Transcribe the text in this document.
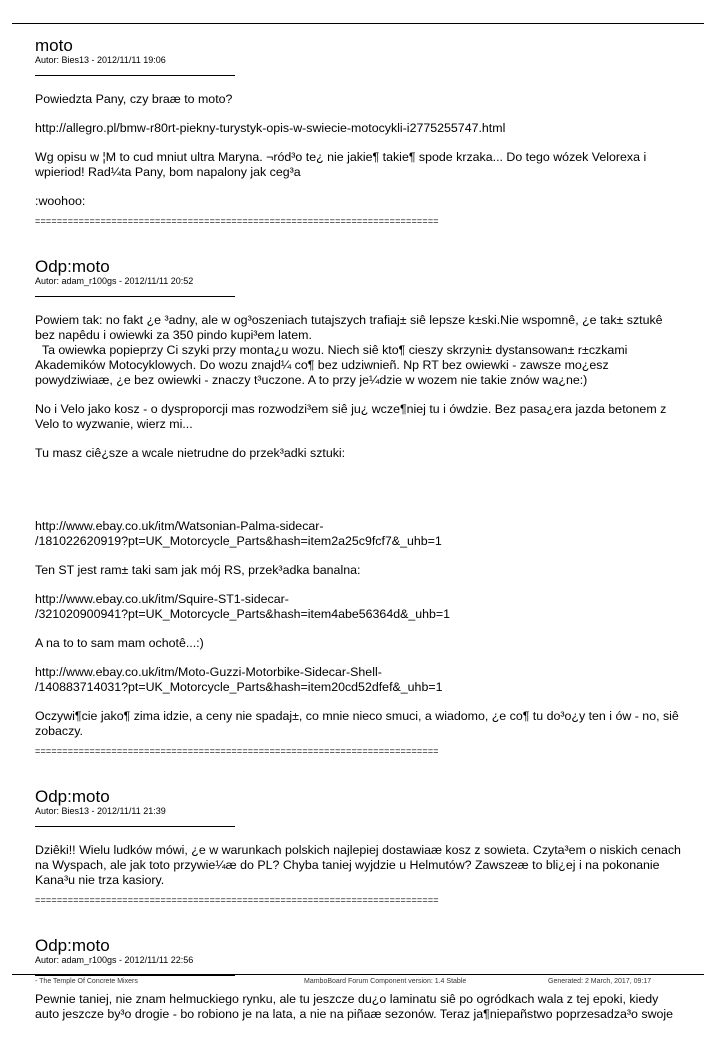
moto
Autor: Bies13 - 2012/11/11 19:06

Powiedzta Pany, czy braæ to moto?

http://allegro.pl/bmw-r80rt-piekny-turystyk-opis-w-swiecie-motocykli-i2775255747.html

Wg opisu w ¦M to cud mniut ultra Maryna. ¬ród³o te¿ nie jakie¶ takie¶ spode krzaka... Do tego wózek Velorexa i wpieriod! Rad¼ta Pany, bom napalony jak ceg³a

:woohoo:

==========================================================================
Odp:moto
Autor: adam_r100gs - 2012/11/11 20:52

Powiem tak: no fakt ¿e ³adny, ale w og³oszeniach tutajszych trafiaj± siê lepsze k±ski.Nie wspomnê, ¿e tak± sztukê bez napêdu i owiewki za 350 pindo kupi³em latem.
Ta owiewka popieprzy Ci szyki przy monta¿u wozu. Niech siê kto¶ cieszy skrzyni± dystansowan± r±czkami Akademików Motocyklowych. Do wozu znajd¼ co¶ bez udziwnieñ. Np RT bez owiewki - zawsze mo¿esz powydziwiaæ, ¿e bez owiewki - znaczy t³uczone. A to przy je¼dzie w wozem nie takie znów wa¿ne:)

No i Velo jako kosz - o dysproporcji mas rozwodzi³em siê ju¿ wcze¶niej tu i ówdzie. Bez pasa¿era jazda betonem z Velo to wyzwanie, wierz mi...

Tu masz ciê¿sze a wcale nietrudne do przek³adki sztuki:

http://www.ebay.co.uk/itm/Watsonian-Palma-sidecar-
/181022620919?pt=UK_Motorcycle_Parts&hash=item2a25c9fcf7&_uhb=1

Ten ST jest ram± taki sam jak mój RS, przek³adka banalna:

http://www.ebay.co.uk/itm/Squire-ST1-sidecar-
/321020900941?pt=UK_Motorcycle_Parts&hash=item4abe56364d&_uhb=1

A na to to sam mam ochotê...:)

http://www.ebay.co.uk/itm/Moto-Guzzi-Motorbike-Sidecar-Shell-
/140883714031?pt=UK_Motorcycle_Parts&hash=item20cd52dfef&_uhb=1

Oczywi¶cie jako¶ zima idzie, a ceny nie spadaj±, co mnie nieco smuci, a wiadomo, ¿e co¶ tu do³o¿y ten i ów - no, siê zobaczy.

==========================================================================
Odp:moto
Autor: Bies13 - 2012/11/11 21:39

Dziêki!! Wielu ludków mówi, ¿e w warunkach polskich najlepiej dostawiaæ kosz z sowieta. Czyta³em o niskich cenach na Wyspach, ale jak toto przywie¼æ do PL? Chyba taniej wyjdzie u Helmutów? Zawszeæ to bli¿ej i na pokonanie Kana³u nie trza kasiory.

==========================================================================
Odp:moto
Autor: adam_r100gs - 2012/11/11 22:56

Pewnie taniej, nie znam helmuckiego rynku, ale tu jeszcze du¿o laminatu siê po ogródkach wala z tej epoki, kiedy auto jeszcze by³o drogie - bo robiono je na lata, a nie na piñaæ sezonów. Teraz ja¶niepañstwo poprzesadza³o swoje

- The Temple Of Concrete Mixers	MamboBoard Forum Component version: 1.4 Stable	Generated: 2 March, 2017, 09:17
